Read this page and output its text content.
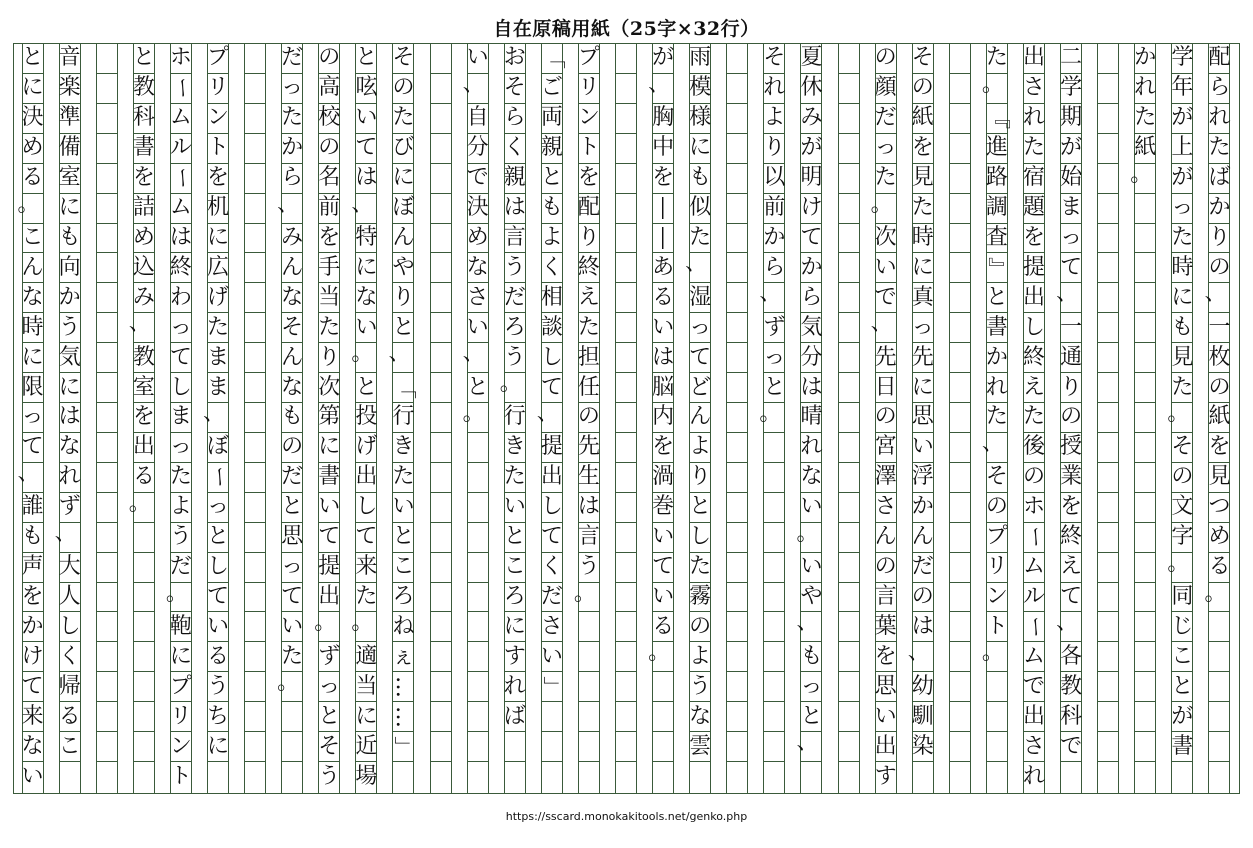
自在原稿用紙（25字×32行）
配
ら
れ
た
ば
か
り
の
、
一
枚
の
紙
を
見
つ
め
る
。
学
年
が
上
が
っ
た
時
に
も
見
た
。
そ
の
文
字
。
同
じ
こ
と
が
書
か
れ
た
紙
。
二
学
期
が
始
ま
っ
て
、
一
通
り
の
授
業
を
終
え
て
、
各
教
科
で
出
さ
れ
た
宿
題
を
提
出
し
終
え
た
後
の
ホ
ー
ム
ル
ー
ム
で
出
さ
れ
た
。
『
進
路
調
査
』
と
書
か
れ
た
、
そ
の
プ
リ
ン
ト
。
そ
の
紙
を
見
た
時
に
真
っ
先
に
思
い
浮
か
ん
だ
の
は
、
幼
馴
染
の
顔
だ
っ
た
。
次
い
で
、
先
日
の
宮
澤
さ
ん
の
言
葉
を
思
い
出
す
夏
休
み
が
明
け
て
か
ら
気
分
は
晴
れ
な
い
。
い
や
、
も
っ
と
、
そ
れ
よ
り
以
前
か
ら
、
ず
っ
と
。
雨
模
様
に
も
似
た
、
湿
っ
て
ど
ん
よ
り
と
し
た
霧
の
よ
う
な
雲
が
、
胸
中
を
―
―
あ
る
い
は
脳
内
を
渦
巻
い
て
い
る
。
プ
リ
ン
ト
を
配
り
終
え
た
担
任
の
先
生
は
言
う
。
「
ご
両
親
と
も
よ
く
相
談
し
て
、
提
出
し
て
く
だ
さ
い
」
お
そ
ら
く
親
は
言
う
だ
ろ
う
。
行
き
た
い
と
こ
ろ
に
す
れ
ば
い
、
自
分
で
決
め
な
さ
い
、
と
。
そ
の
た
び
に
ぼ
ん
や
り
と
、
「
行
き
た
い
と
こ
ろ
ね
ぇ
…
…
」
と
呟
い
て
は
、
特
に
な
い
。
と
投
げ
出
し
て
来
た
。
適
当
に
近
場
の
高
校
の
名
前
を
手
当
た
り
次
第
に
書
い
て
提
出
。
ず
っ
と
そ
う
だ
っ
た
か
ら
、
み
ん
な
そ
ん
な
も
の
だ
と
思
っ
て
い
た
。
プ
リ
ン
ト
を
机
に
広
げ
た
ま
ま
、
ぼ
ー
っ
と
し
て
い
る
う
ち
に
ホ
ー
ム
ル
ー
ム
は
終
わ
っ
て
し
ま
っ
た
よ
う
だ
。
鞄
に
プ
リ
ン
ト
と
教
科
書
を
詰
め
込
み
、
教
室
を
出
る
。
音
楽
準
備
室
に
も
向
か
う
気
に
は
な
れ
ず
、
大
人
し
く
帰
る
こ
と
に
決
め
る
。
こ
ん
な
時
に
限
っ
て
、
誰
も
声
を
か
け
て
来
な
い
https://sscard.monokakitools.net/genko.php
